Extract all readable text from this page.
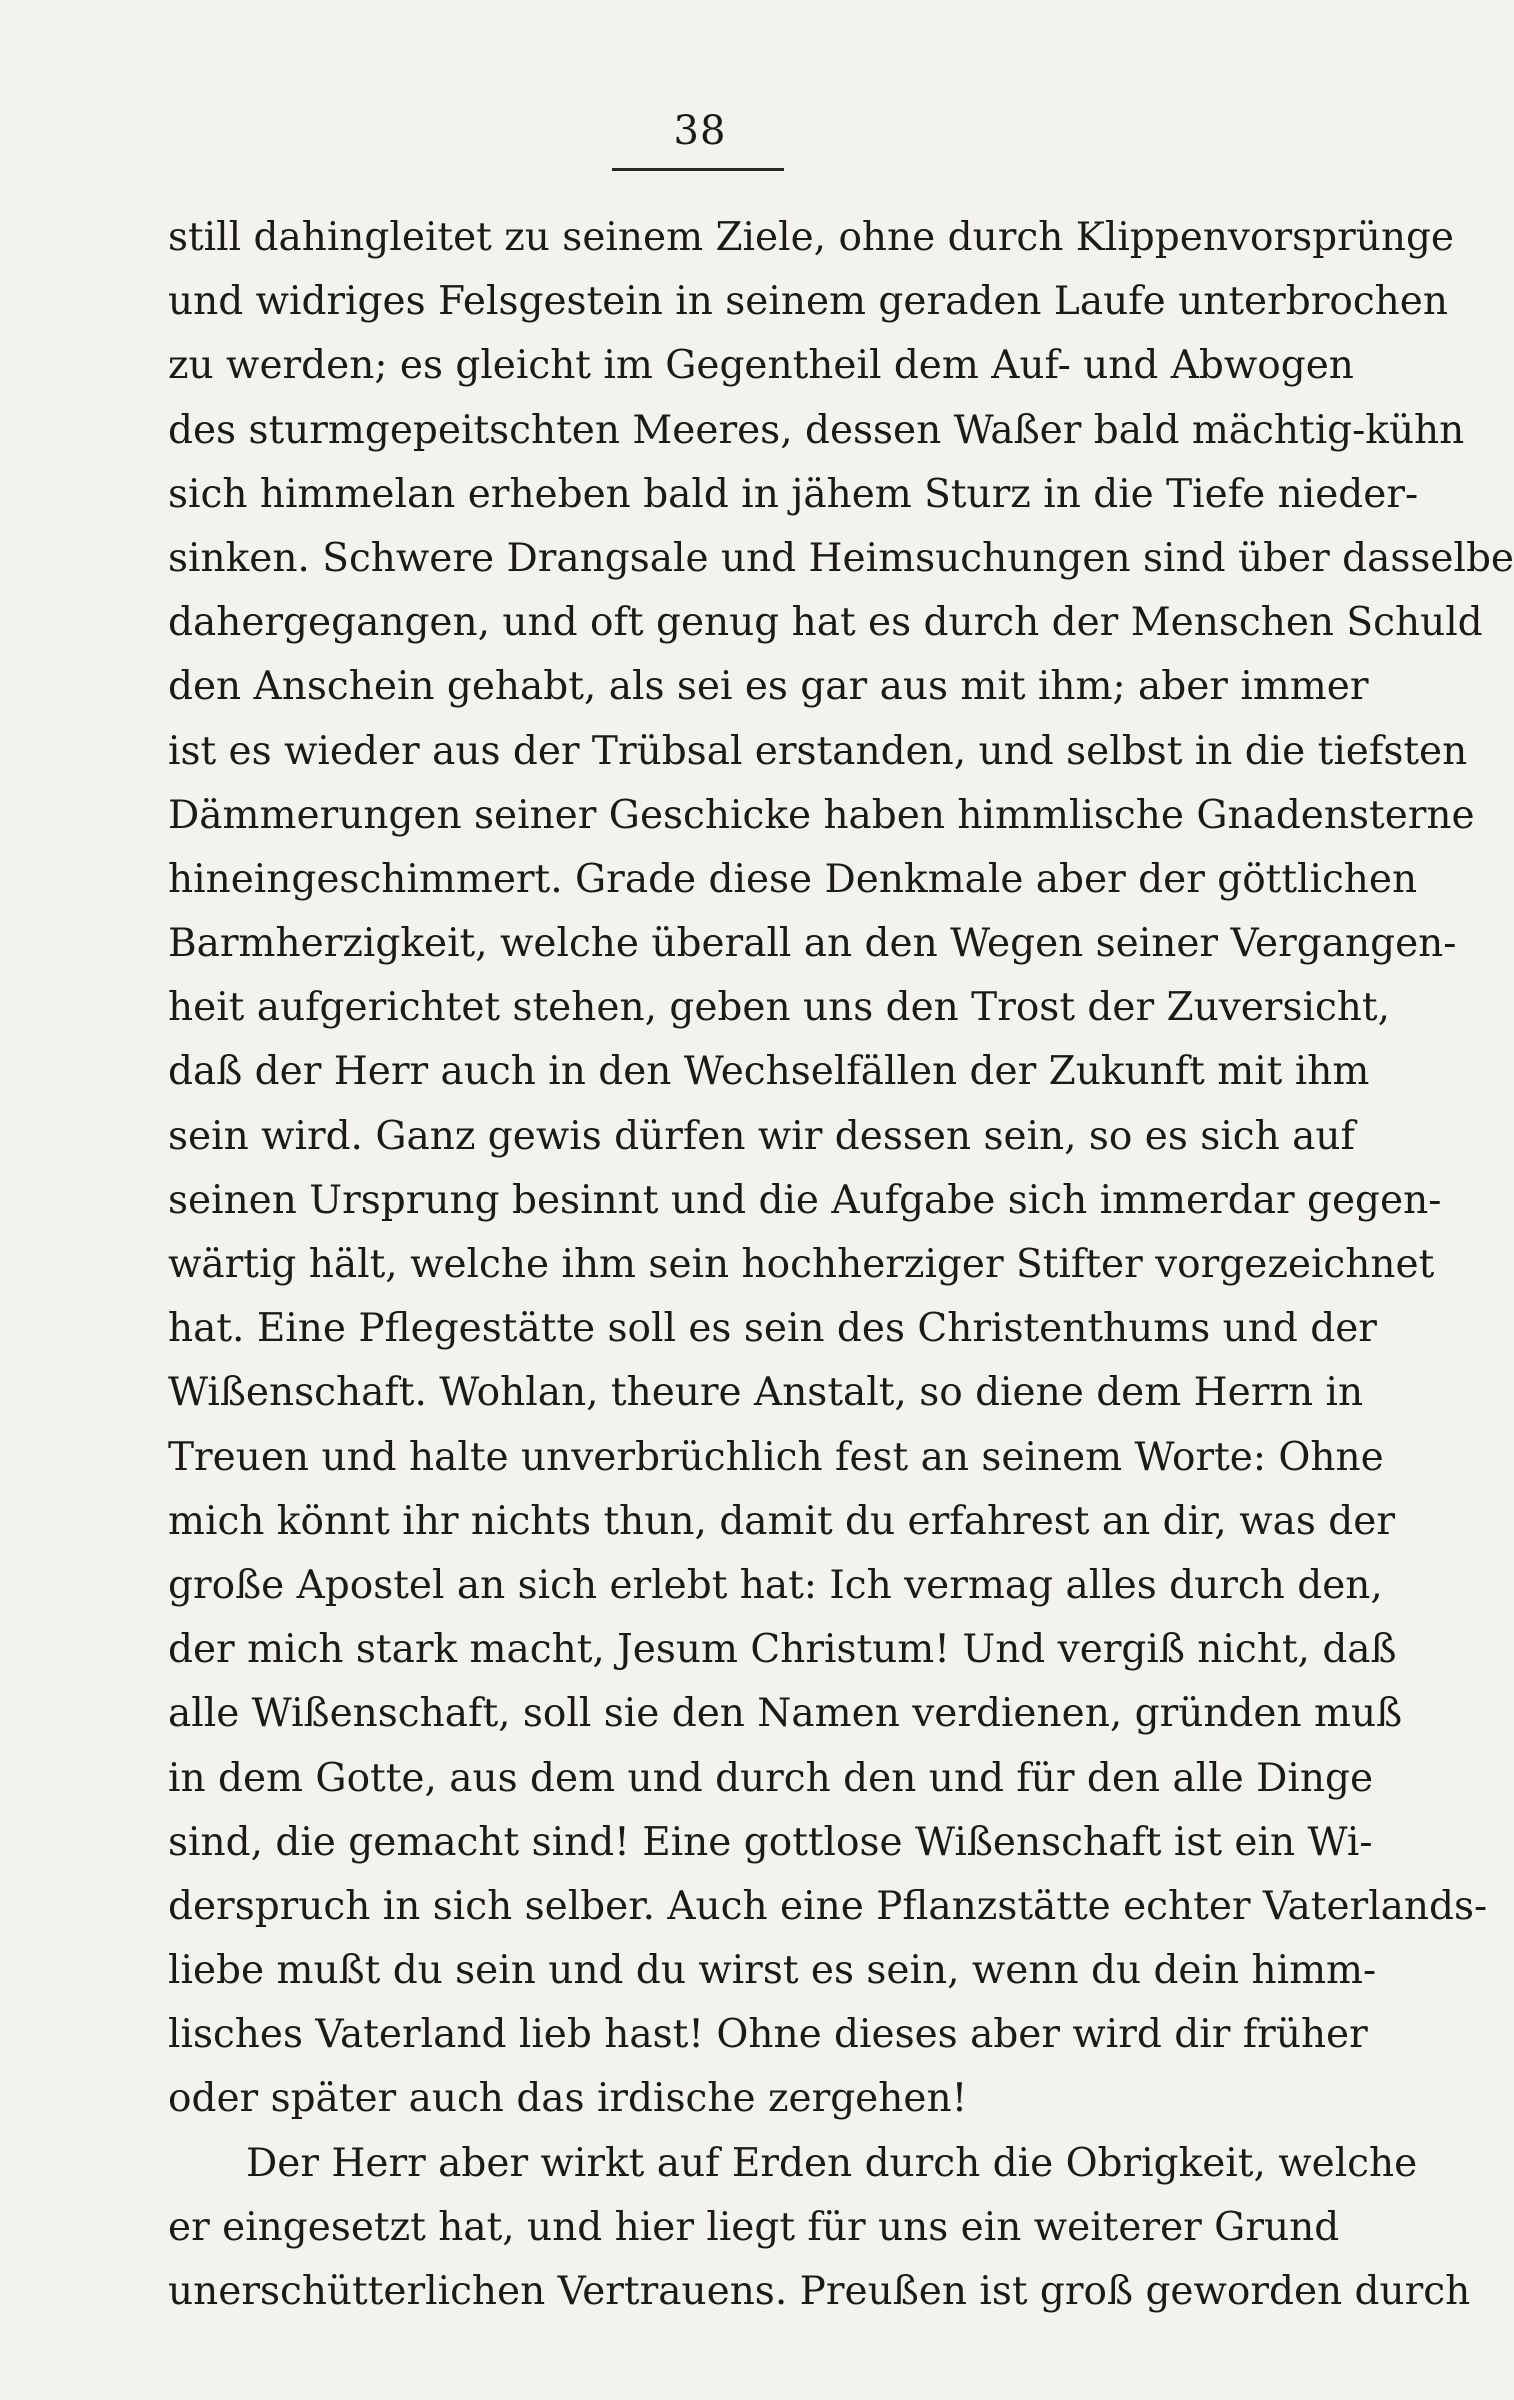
38
still dahingleitet zu seinem Ziele, ohne durch Klippenvorsprünge
und widriges Felsgestein in seinem geraden Laufe unterbrochen
zu werden; es gleicht im Gegentheil dem Auf- und Abwogen
des sturmgepeitschten Meeres, dessen Waßer bald mächtig-kühn
sich himmelan erheben bald in jähem Sturz in die Tiefe nieder-
sinken. Schwere Drangsale und Heimsuchungen sind über dasselbe
dahergegangen, und oft genug hat es durch der Menschen Schuld
den Anschein gehabt, als sei es gar aus mit ihm; aber immer
ist es wieder aus der Trübsal erstanden, und selbst in die tiefsten
Dämmerungen seiner Geschicke haben himmlische Gnadensterne
hineingeschimmert. Grade diese Denkmale aber der göttlichen
Barmherzigkeit, welche überall an den Wegen seiner Vergangen-
heit aufgerichtet stehen, geben uns den Trost der Zuversicht,
daß der Herr auch in den Wechselfällen der Zukunft mit ihm
sein wird. Ganz gewis dürfen wir dessen sein, so es sich auf
seinen Ursprung besinnt und die Aufgabe sich immerdar gegen-
wärtig hält, welche ihm sein hochherziger Stifter vorgezeichnet
hat. Eine Pflegestätte soll es sein des Christenthums und der
Wißenschaft. Wohlan, theure Anstalt, so diene dem Herrn in
Treuen und halte unverbrüchlich fest an seinem Worte: Ohne
mich könnt ihr nichts thun, damit du erfahrest an dir, was der
große Apostel an sich erlebt hat: Ich vermag alles durch den,
der mich stark macht, Jesum Christum! Und vergiß nicht, daß
alle Wißenschaft, soll sie den Namen verdienen, gründen muß
in dem Gotte, aus dem und durch den und für den alle Dinge
sind, die gemacht sind! Eine gottlose Wißenschaft ist ein Wi-
derspruch in sich selber. Auch eine Pflanzstätte echter Vaterlands-
liebe mußt du sein und du wirst es sein, wenn du dein himm-
lisches Vaterland lieb hast! Ohne dieses aber wird dir früher
oder später auch das irdische zergehen!
Der Herr aber wirkt auf Erden durch die Obrigkeit, welche
er eingesetzt hat, und hier liegt für uns ein weiterer Grund
unerschütterlichen Vertrauens. Preußen ist groß geworden durch
